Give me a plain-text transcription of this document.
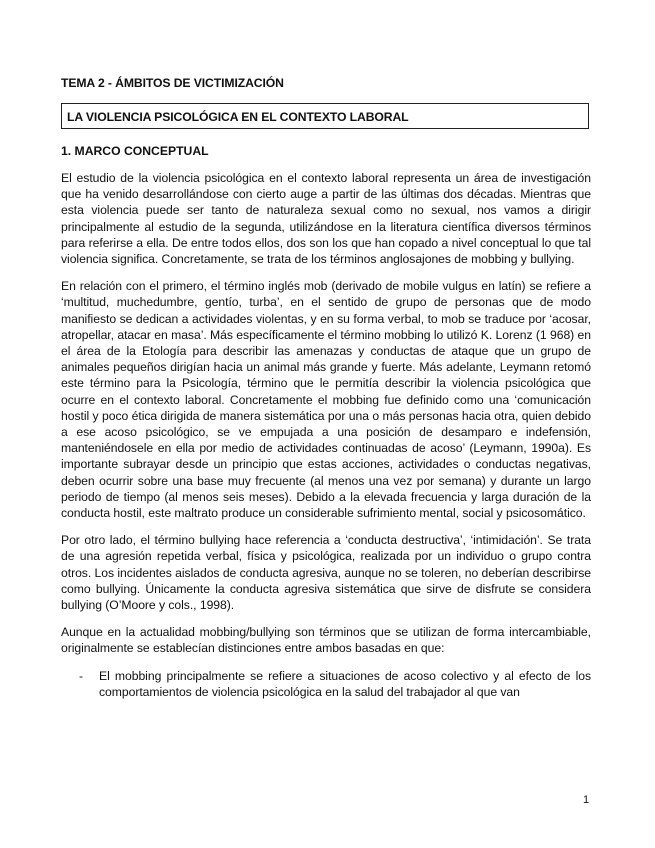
TEMA 2 - ÁMBITOS DE VICTIMIZACIÓN
LA VIOLENCIA PSICOLÓGICA EN EL CONTEXTO LABORAL
1. MARCO CONCEPTUAL

El estudio de la violencia psicológica en el contexto laboral representa un área de investigación que ha venido desarrollándose con cierto auge a partir de las últimas dos décadas. Mientras que esta violencia puede ser tanto de naturaleza sexual como no sexual, nos vamos a dirigir principalmente al estudio de la segunda, utilizándose en la literatura científica diversos términos para referirse a ella. De entre todos ellos, dos son los que han copado a nivel conceptual lo que tal violencia significa. Concretamente, se trata de los términos anglosajones de mobbing y bullying.

En relación con el primero, el término inglés mob (derivado de mobile vulgus en latín) se refiere a ‘multitud, muchedumbre, gentío, turba’, en el sentido de grupo de personas que de modo manifiesto se dedican a actividades violentas, y en su forma verbal, to mob se traduce por ‘acosar, atropellar, atacar en masa’. Más específicamente el término mobbing lo utilizó K. Lorenz (1 968) en el área de la Etología para describir las amenazas y conductas de ataque que un grupo de animales pequeños dirigían hacia un animal más grande y fuerte. Más adelante, Leymann retomó este término para la Psicología, término que le permitía describir la violencia psicológica que ocurre en el contexto laboral. Concretamente el mobbing fue definido como una ‘comunicación hostil y poco ética dirigida de manera sistemática por una o más personas hacia otra, quien debido a ese acoso psicológico, se ve empujada a una posición de desamparo e indefensión, manteniéndosele en ella por medio de actividades continuadas de acoso’ (Leymann, 1990a). Es importante subrayar desde un principio que estas acciones, actividades o conductas negativas, deben ocurrir sobre una base muy frecuente (al menos una vez por semana) y durante un largo periodo de tiempo (al menos seis meses). Debido a la elevada frecuencia y larga duración de la conducta hostil, este maltrato produce un considerable sufrimiento mental, social y psicosomático.

Por otro lado, el término bullying hace referencia a ‘conducta destructiva’, ‘intimidación’. Se trata de una agresión repetida verbal, física y psicológica, realizada por un individuo o grupo contra otros. Los incidentes aislados de conducta agresiva, aunque no se toleren, no deberían describirse como bullying. Únicamente la conducta agresiva sistemática que sirve de disfrute se considera bullying (O’Moore y cols., 1998).

Aunque en la actualidad mobbing/bullying son términos que se utilizan de forma intercambiable, originalmente se establecían distinciones entre ambos basadas en que:

- El mobbing principalmente se refiere a situaciones de acoso colectivo y al efecto de los comportamientos de violencia psicológica en la salud del trabajador al que van
1
